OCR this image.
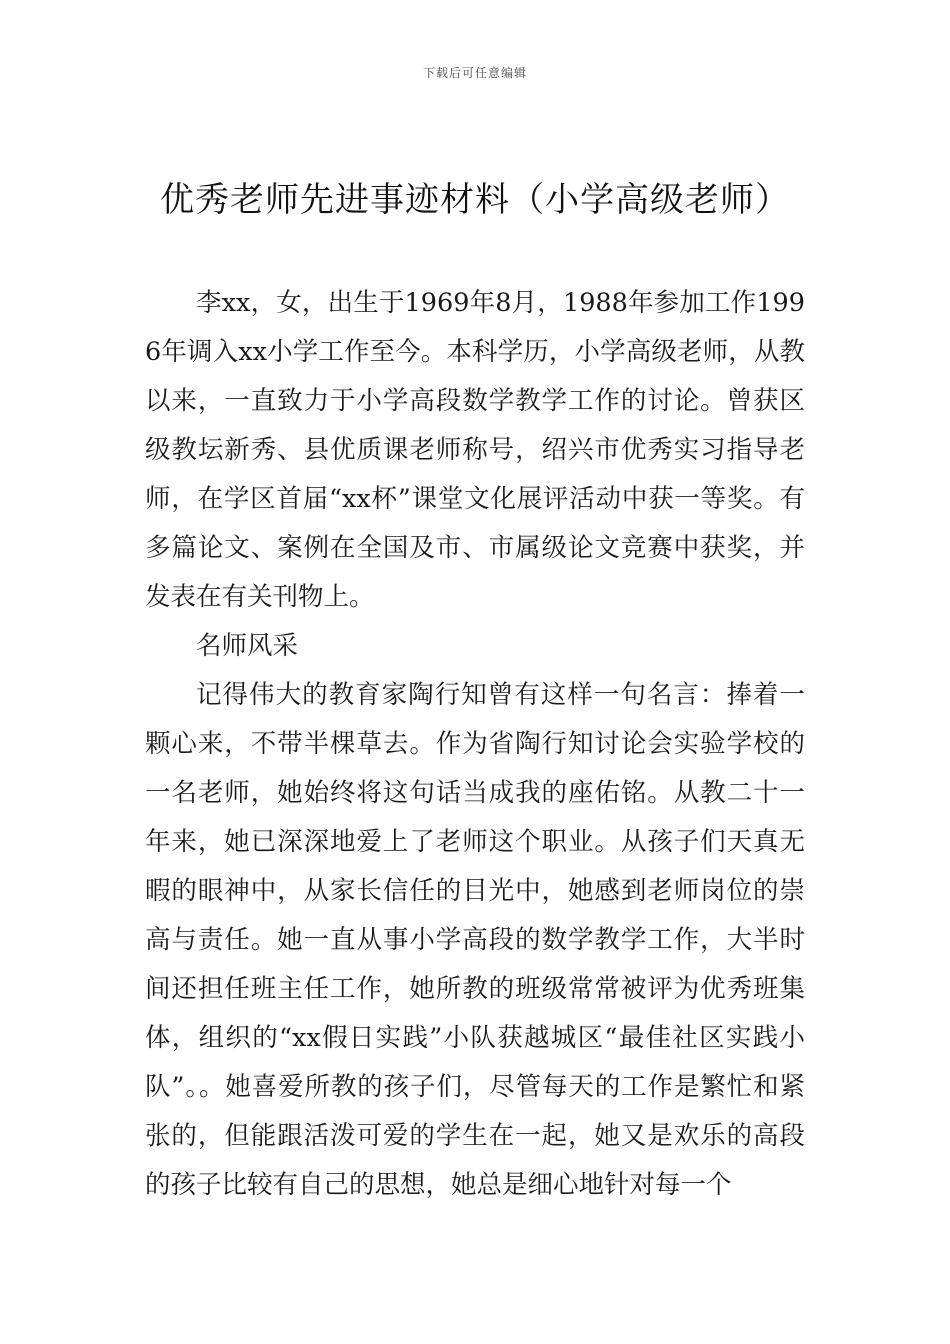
下载后可任意编辑
优秀老师先进事迹材料（小学高级老师）

李xx，女，出生于1969年8月，1988年参加工作1996年调入xx小学工作至今。本科学历，小学高级老师，从教以来，一直致力于小学高段数学教学工作的讨论。曾获区级教坛新秀、县优质课老师称号，绍兴市优秀实习指导老师，在学区首届“xx杯”课堂文化展评活动中获一等奖。有多篇论文、案例在全国及市、市属级论文竞赛中获奖，并发表在有关刊物上。

名师风采

记得伟大的教育家陶行知曾有这样一句名言：捧着一颗心来，不带半棵草去。作为省陶行知讨论会实验学校的一名老师，她始终将这句话当成我的座佑铭。从教二十一年来，她已深深地爱上了老师这个职业。从孩子们天真无暇的眼神中，从家长信任的目光中，她感到老师岗位的崇高与责任。她一直从事小学高段的数学教学工作，大半时间还担任班主任工作，她所教的班级常常被评为优秀班集体，组织的“xx假日实践”小队获越城区“最佳社区实践小队”。。她喜爱所教的孩子们，尽管每天的工作是繁忙和紧张的，但能跟活泼可爱的学生在一起，她又是欢乐的高段的孩子比较有自己的思想，她总是细心地针对每一个
